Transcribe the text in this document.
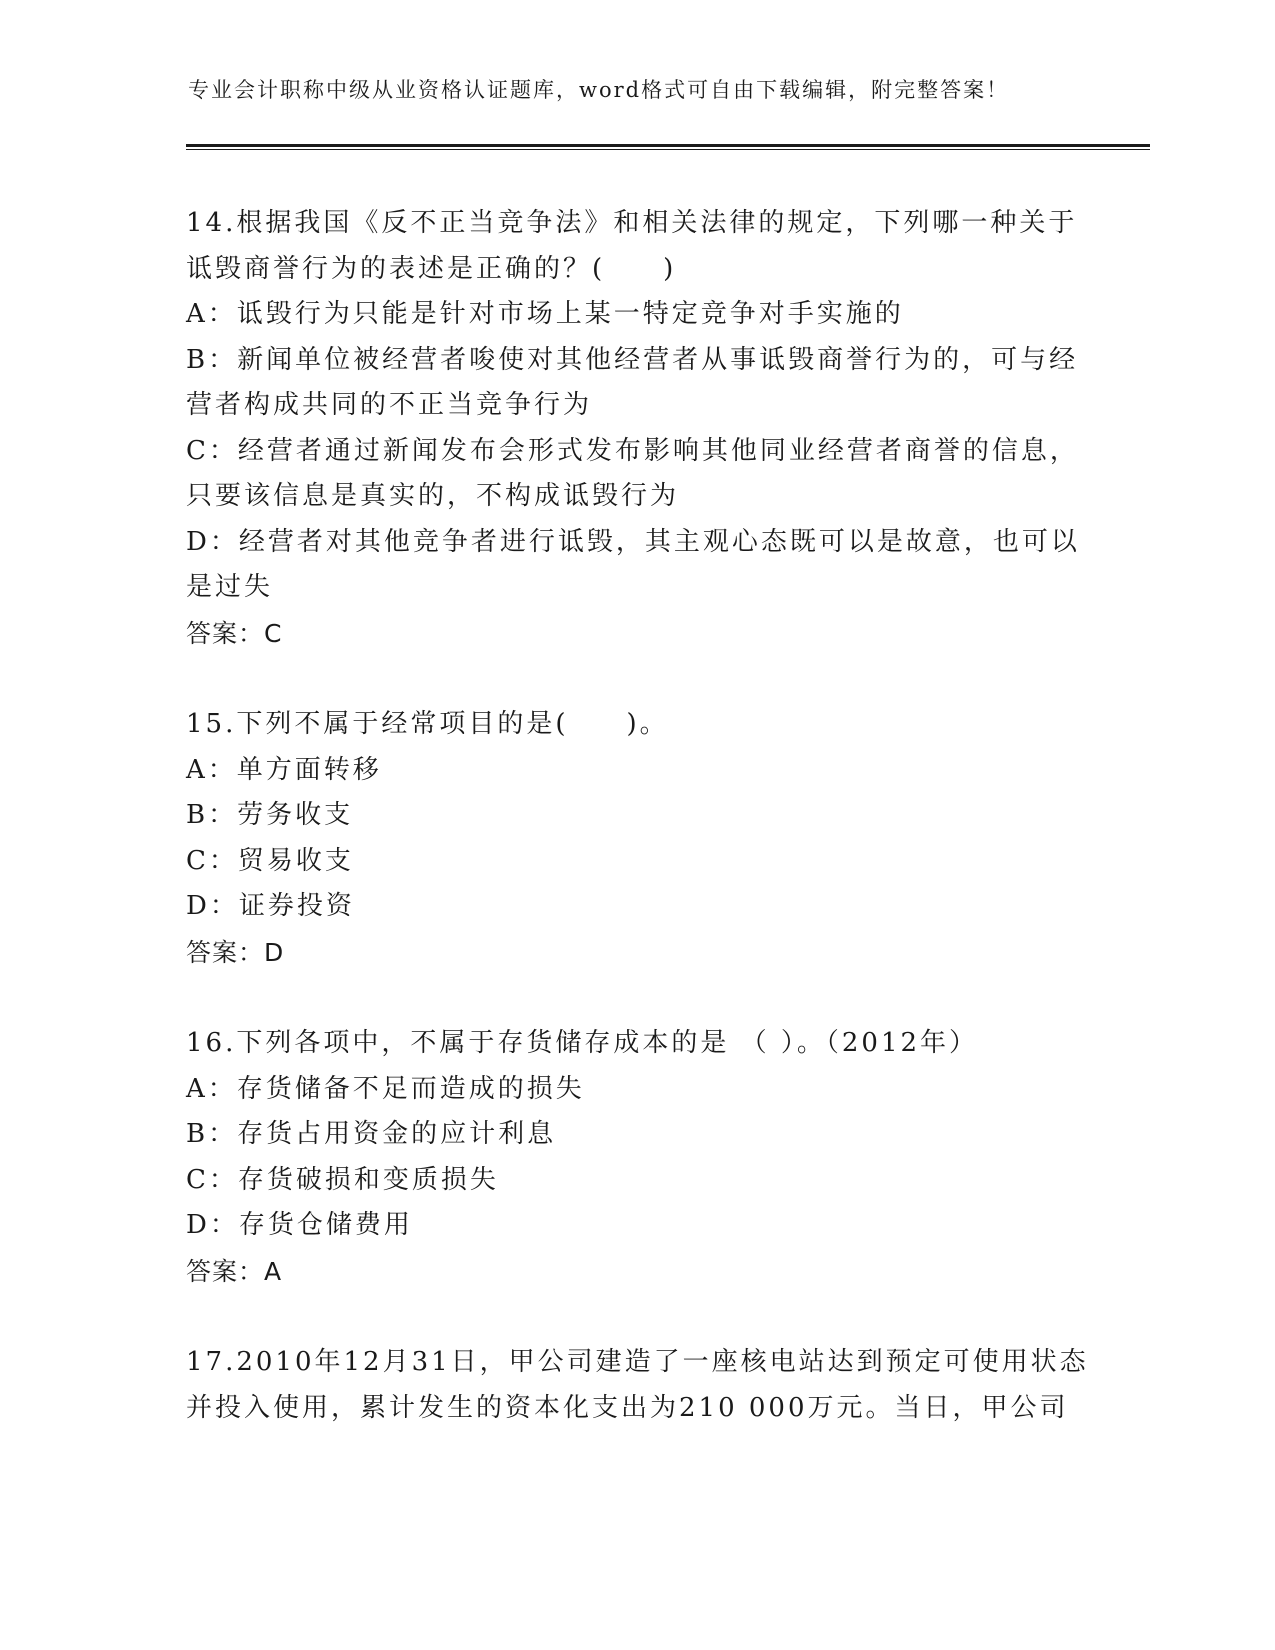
专业会计职称中级从业资格认证题库，word格式可自由下载编辑，附完整答案！
14.根据我国《反不正当竞争法》和相关法律的规定，下列哪一种关于
诋毁商誉行为的表述是正确的？(　　)
A：诋毁行为只能是针对市场上某一特定竞争对手实施的
B：新闻单位被经营者唆使对其他经营者从事诋毁商誉行为的，可与经
营者构成共同的不正当竞争行为
C：经营者通过新闻发布会形式发布影响其他同业经营者商誉的信息，
只要该信息是真实的，不构成诋毁行为
D：经营者对其他竞争者进行诋毁，其主观心态既可以是故意，也可以
是过失
答案：C
15.下列不属于经常项目的是(　　)。
A：单方面转移
B：劳务收支
C：贸易收支
D：证券投资
答案：D
16.下列各项中，不属于存货储存成本的是 （ ）。（2012年）
A：存货储备不足而造成的损失
B：存货占用资金的应计利息
C：存货破损和变质损失
D：存货仓储费用
答案：A
17.2010年12月31日，甲公司建造了一座核电站达到预定可使用状态
并投入使用，累计发生的资本化支出为210 000万元。当日，甲公司
